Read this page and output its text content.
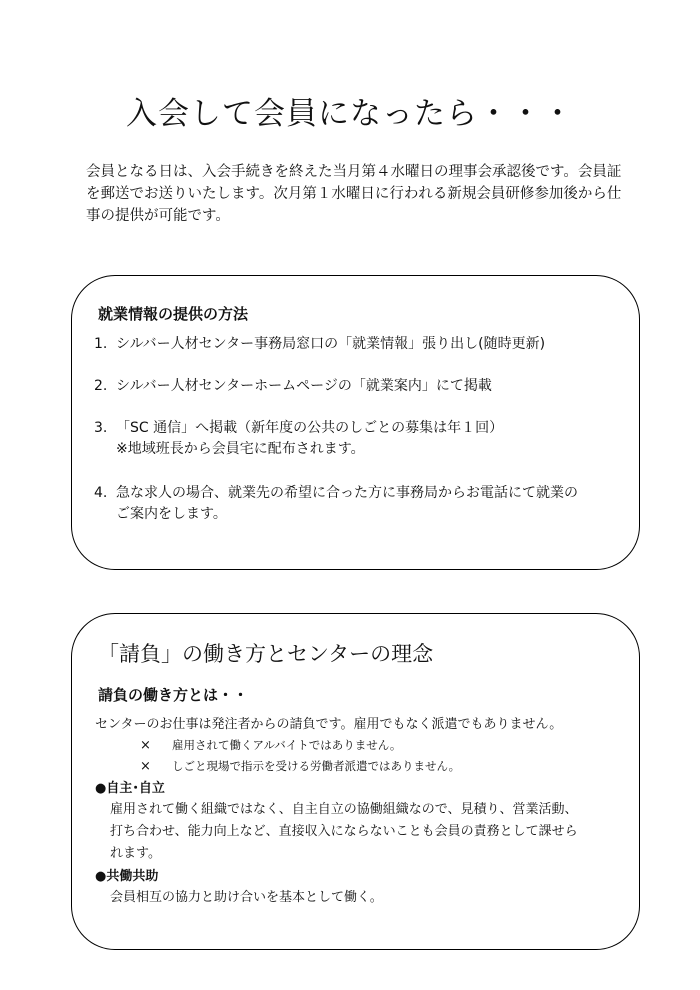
入会して会員になったら・・・

会員となる日は、入会手続きを終えた当月第４水曜日の理事会承認後です。会員証を郵送でお送りいたします。次月第１水曜日に行われる新規会員研修参加後から仕事の提供が可能です。

就業情報の提供の方法
1. シルバー人材センター事務局窓口の「就業情報」張り出し(随時更新)
2. シルバー人材センターホームページの「就業案内」にて掲載
3. 「SC 通信」へ掲載（新年度の公共のしごとの募集は年１回）
※地域班長から会員宅に配布されます。
4. 急な求人の場合、就業先の希望に合った方に事務局からお電話にて就業の
ご案内をします。
「請負」の働き方とセンターの理念
請負の働き方とは・・

センターのお仕事は発注者からの請負です。雇用でもなく派遣でもありません。

× 雇用されて働くアルバイトではありません。

× しごと現場で指示を受ける労働者派遣ではありません。

●自主･自立

雇用されて働く組織ではなく、自主自立の協働組織なので、見積り、営業活動、

打ち合わせ、能力向上など、直接収入にならないことも会員の責務として課せら

れます。

●共働共助

会員相互の協力と助け合いを基本として働く。
